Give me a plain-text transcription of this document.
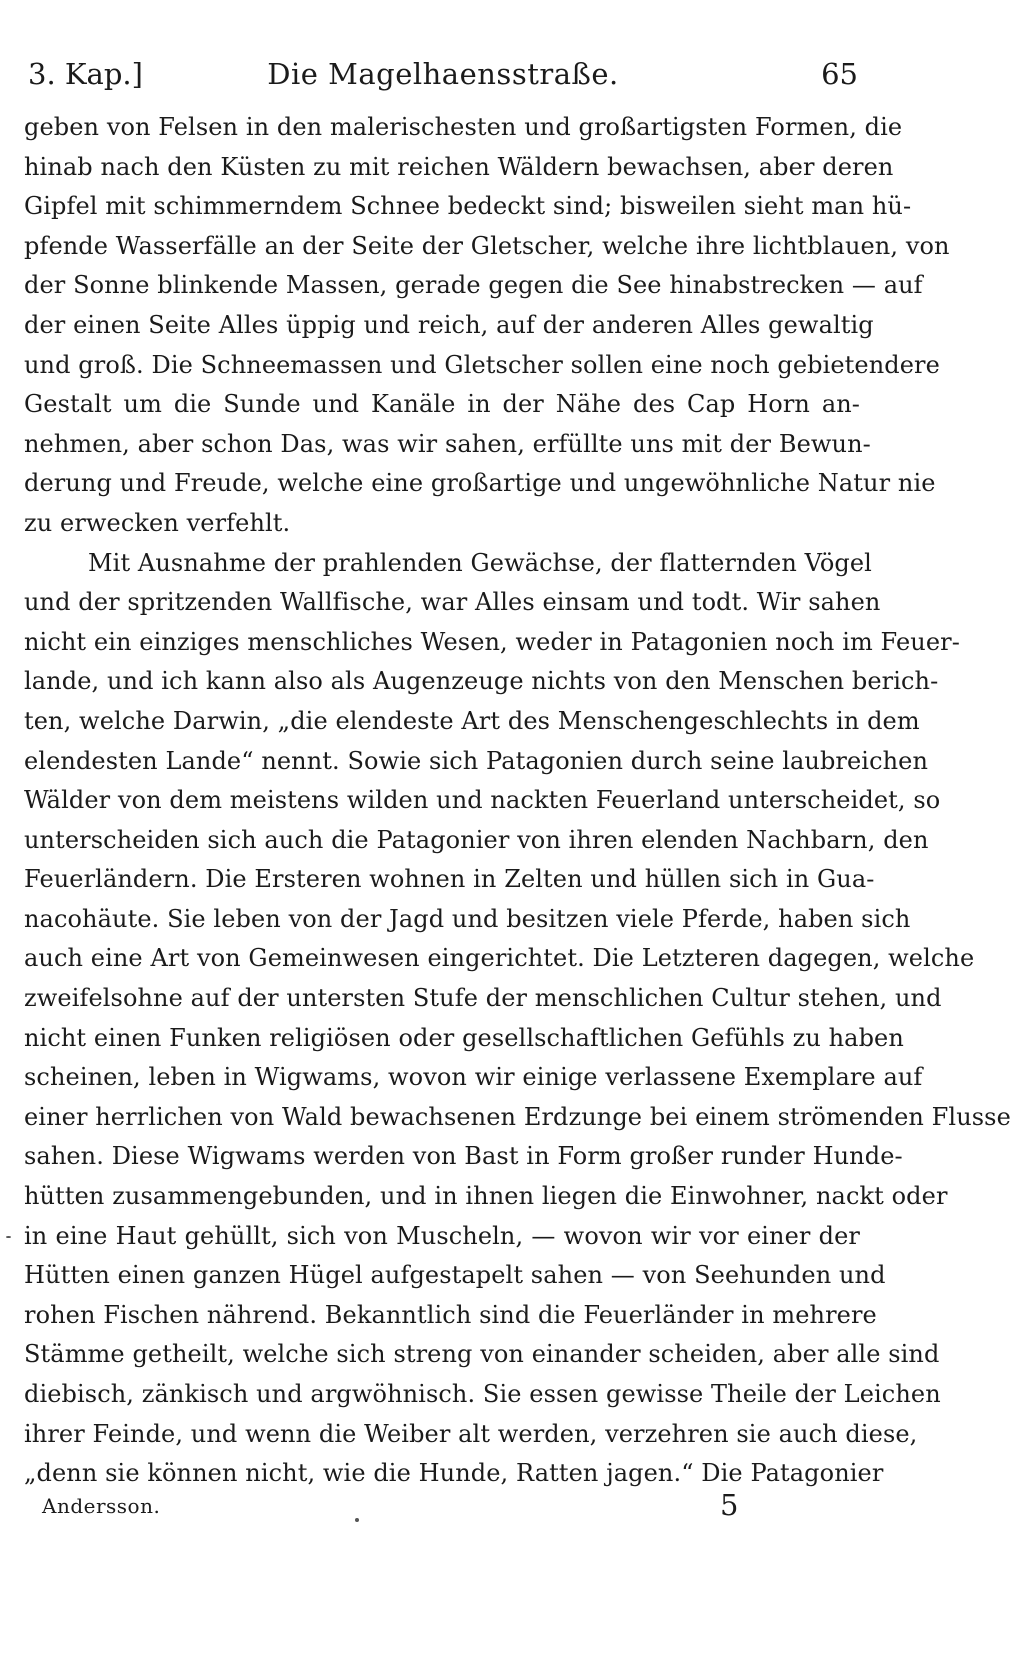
3. Kap.]	Die Magelhaensstraße.	65
geben von Felsen in den malerischesten und großartigsten Formen, die
hinab nach den Küsten zu mit reichen Wäldern bewachsen, aber deren
Gipfel mit schimmerndem Schnee bedeckt sind; bisweilen sieht man hü-
pfende Wasserfälle an der Seite der Gletscher, welche ihre lichtblauen, von
der Sonne blinkende Massen, gerade gegen die See hinabstrecken — auf
der einen Seite Alles üppig und reich, auf der anderen Alles gewaltig
und groß. Die Schneemassen und Gletscher sollen eine noch gebietendere
Gestalt um die Sunde und Kanäle in der Nähe des Cap Horn an-
nehmen, aber schon Das, was wir sahen, erfüllte uns mit der Bewun-
derung und Freude, welche eine großartige und ungewöhnliche Natur nie
zu erwecken verfehlt.
Mit Ausnahme der prahlenden Gewächse, der flatternden Vögel
und der spritzenden Wallfische, war Alles einsam und todt. Wir sahen
nicht ein einziges menschliches Wesen, weder in Patagonien noch im Feuer-
lande, und ich kann also als Augenzeuge nichts von den Menschen berich-
ten, welche Darwin, „die elendeste Art des Menschengeschlechts in dem
elendesten Lande“ nennt. Sowie sich Patagonien durch seine laubreichen
Wälder von dem meistens wilden und nackten Feuerland unterscheidet, so
unterscheiden sich auch die Patagonier von ihren elenden Nachbarn, den
Feuerländern. Die Ersteren wohnen in Zelten und hüllen sich in Gua-
nacohäute. Sie leben von der Jagd und besitzen viele Pferde, haben sich
auch eine Art von Gemeinwesen eingerichtet. Die Letzteren dagegen, welche
zweifelsohne auf der untersten Stufe der menschlichen Cultur stehen, und
nicht einen Funken religiösen oder gesellschaftlichen Gefühls zu haben
scheinen, leben in Wigwams, wovon wir einige verlassene Exemplare auf
einer herrlichen von Wald bewachsenen Erdzunge bei einem strömenden Flusse
sahen. Diese Wigwams werden von Bast in Form großer runder Hunde-
hütten zusammengebunden, und in ihnen liegen die Einwohner, nackt oder
in eine Haut gehüllt, sich von Muscheln, — wovon wir vor einer der
Hütten einen ganzen Hügel aufgestapelt sahen — von Seehunden und
rohen Fischen nährend. Bekanntlich sind die Feuerländer in mehrere
Stämme getheilt, welche sich streng von einander scheiden, aber alle sind
diebisch, zänkisch und argwöhnisch. Sie essen gewisse Theile der Leichen
ihrer Feinde, und wenn die Weiber alt werden, verzehren sie auch diese,
„denn sie können nicht, wie die Hunde, Ratten jagen.“ Die Patagonier
Andersson.	5
